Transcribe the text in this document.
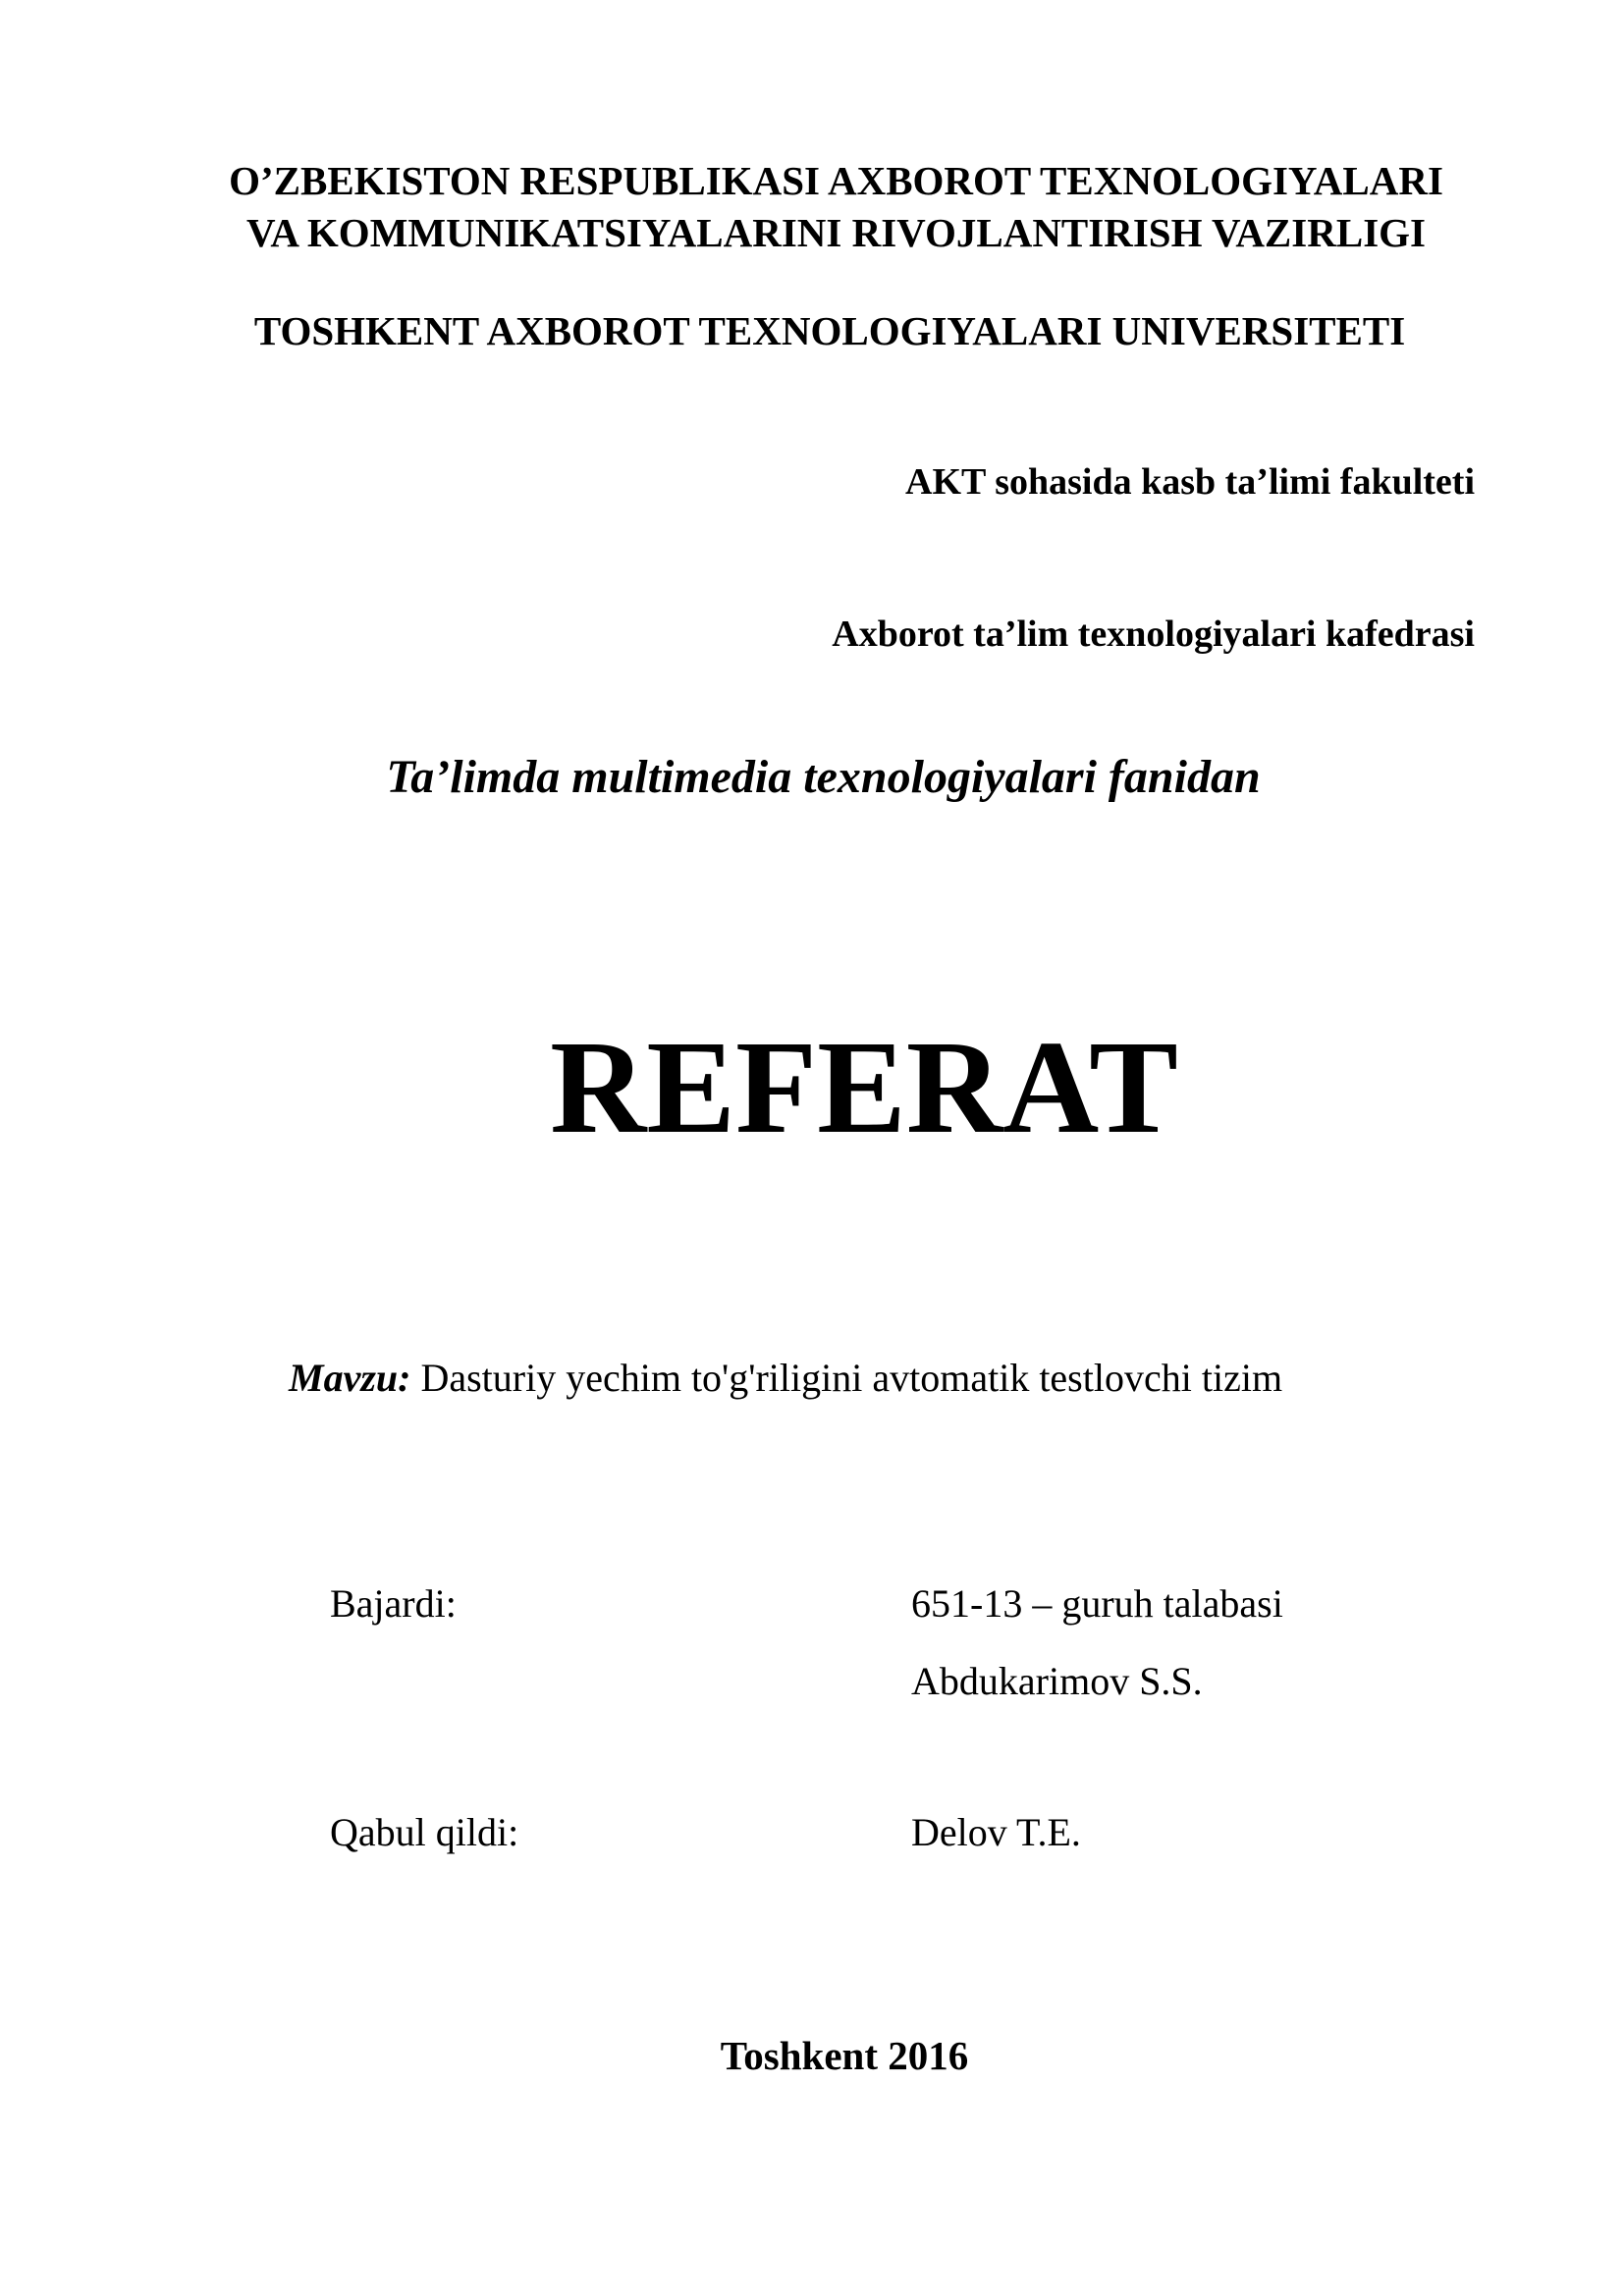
O’ZBEKISTON RESPUBLIKASI AXBOROT TEXNOLOGIYALARI
VA KOMMUNIKATSIYALARINI RIVOJLANTIRISH VAZIRLIGI
TOSHKENT AXBOROT TEXNOLOGIYALARI UNIVERSITETI
AKT sohasida kasb ta’limi fakulteti
Axborot ta’lim texnologiyalari kafedrasi
Ta’limda multimedia texnologiyalari fanidan
REFERAT
Mavzu: Dasturiy yechim to'g'riligini avtomatik testlovchi tizim
Bajardi:	651-13 – guruh talabasi
Abdukarimov S.S.
Qabul qildi:	Delov T.E.
Toshkent 2016
